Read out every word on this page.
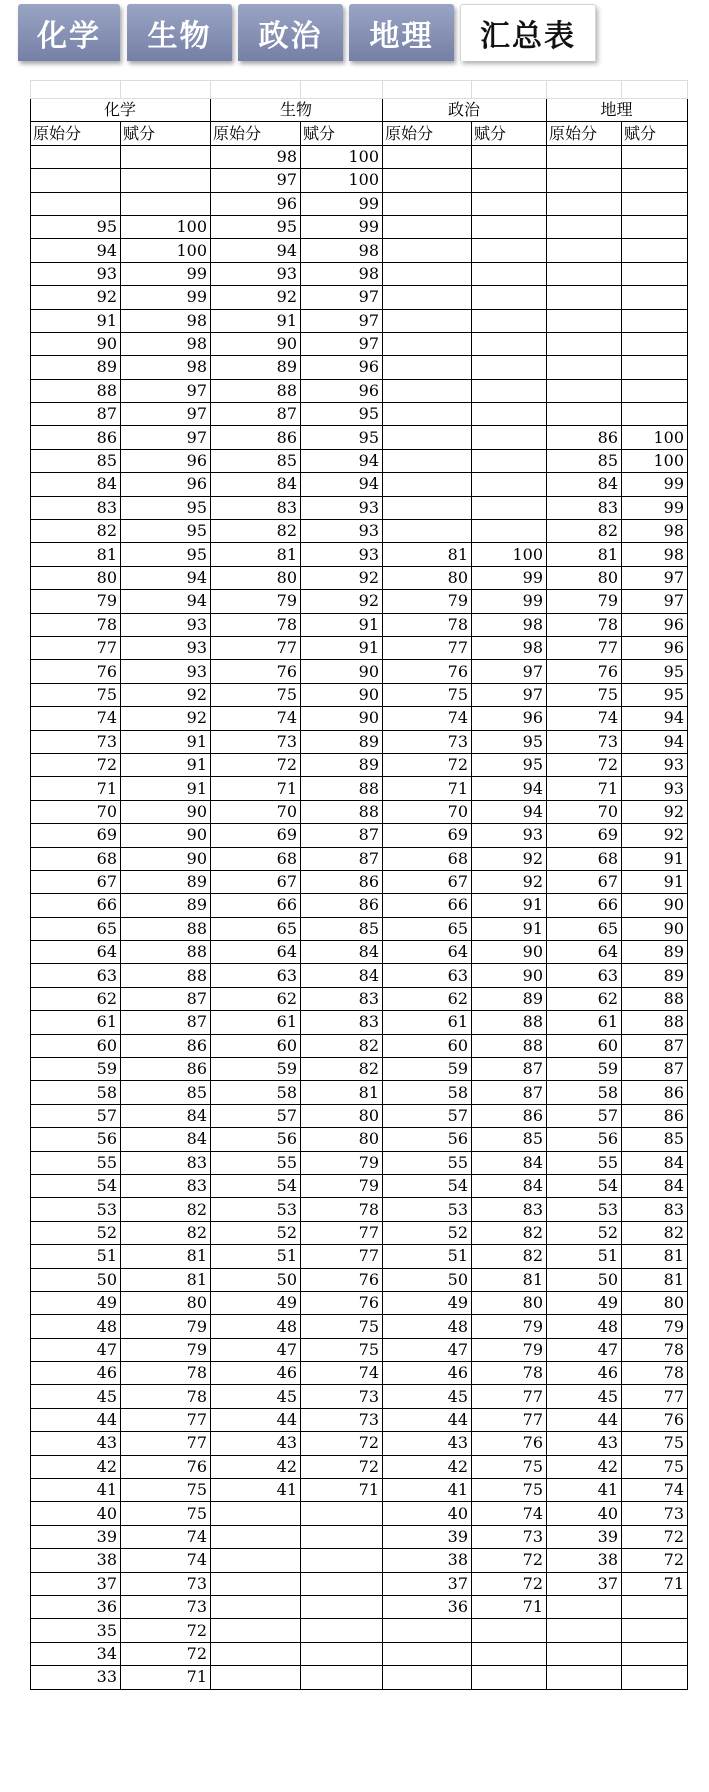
化学	生物	政治	地理	汇总表

化学		生物		政治		地理	
原始分	赋分	原始分	赋分	原始分	赋分	原始分	赋分
		98	100				
		97	100				
		96	99				
95	100	95	99				
94	100	94	98				
93	99	93	98				
92	99	92	97				
91	98	91	97				
90	98	90	97				
89	98	89	96				
88	97	88	96				
87	97	87	95				
86	97	86	95			86	100
85	96	85	94			85	100
84	96	84	94			84	99
83	95	83	93			83	99
82	95	82	93			82	98
81	95	81	93	81	100	81	98
80	94	80	92	80	99	80	97
79	94	79	92	79	99	79	97
78	93	78	91	78	98	78	96
77	93	77	91	77	98	77	96
76	93	76	90	76	97	76	95
75	92	75	90	75	97	75	95
74	92	74	90	74	96	74	94
73	91	73	89	73	95	73	94
72	91	72	89	72	95	72	93
71	91	71	88	71	94	71	93
70	90	70	88	70	94	70	92
69	90	69	87	69	93	69	92
68	90	68	87	68	92	68	91
67	89	67	86	67	92	67	91
66	89	66	86	66	91	66	90
65	88	65	85	65	91	65	90
64	88	64	84	64	90	64	89
63	88	63	84	63	90	63	89
62	87	62	83	62	89	62	88
61	87	61	83	61	88	61	88
60	86	60	82	60	88	60	87
59	86	59	82	59	87	59	87
58	85	58	81	58	87	58	86
57	84	57	80	57	86	57	86
56	84	56	80	56	85	56	85
55	83	55	79	55	84	55	84
54	83	54	79	54	84	54	84
53	82	53	78	53	83	53	83
52	82	52	77	52	82	52	82
51	81	51	77	51	82	51	81
50	81	50	76	50	81	50	81
49	80	49	76	49	80	49	80
48	79	48	75	48	79	48	79
47	79	47	75	47	79	47	78
46	78	46	74	46	78	46	78
45	78	45	73	45	77	45	77
44	77	44	73	44	77	44	76
43	77	43	72	43	76	43	75
42	76	42	72	42	75	42	75
41	75	41	71	41	75	41	74
40	75			40	74	40	73
39	74			39	73	39	72
38	74			38	72	38	72
37	73			37	72	37	71
36	73			36	71		
35	72						
34	72						
33	71						
